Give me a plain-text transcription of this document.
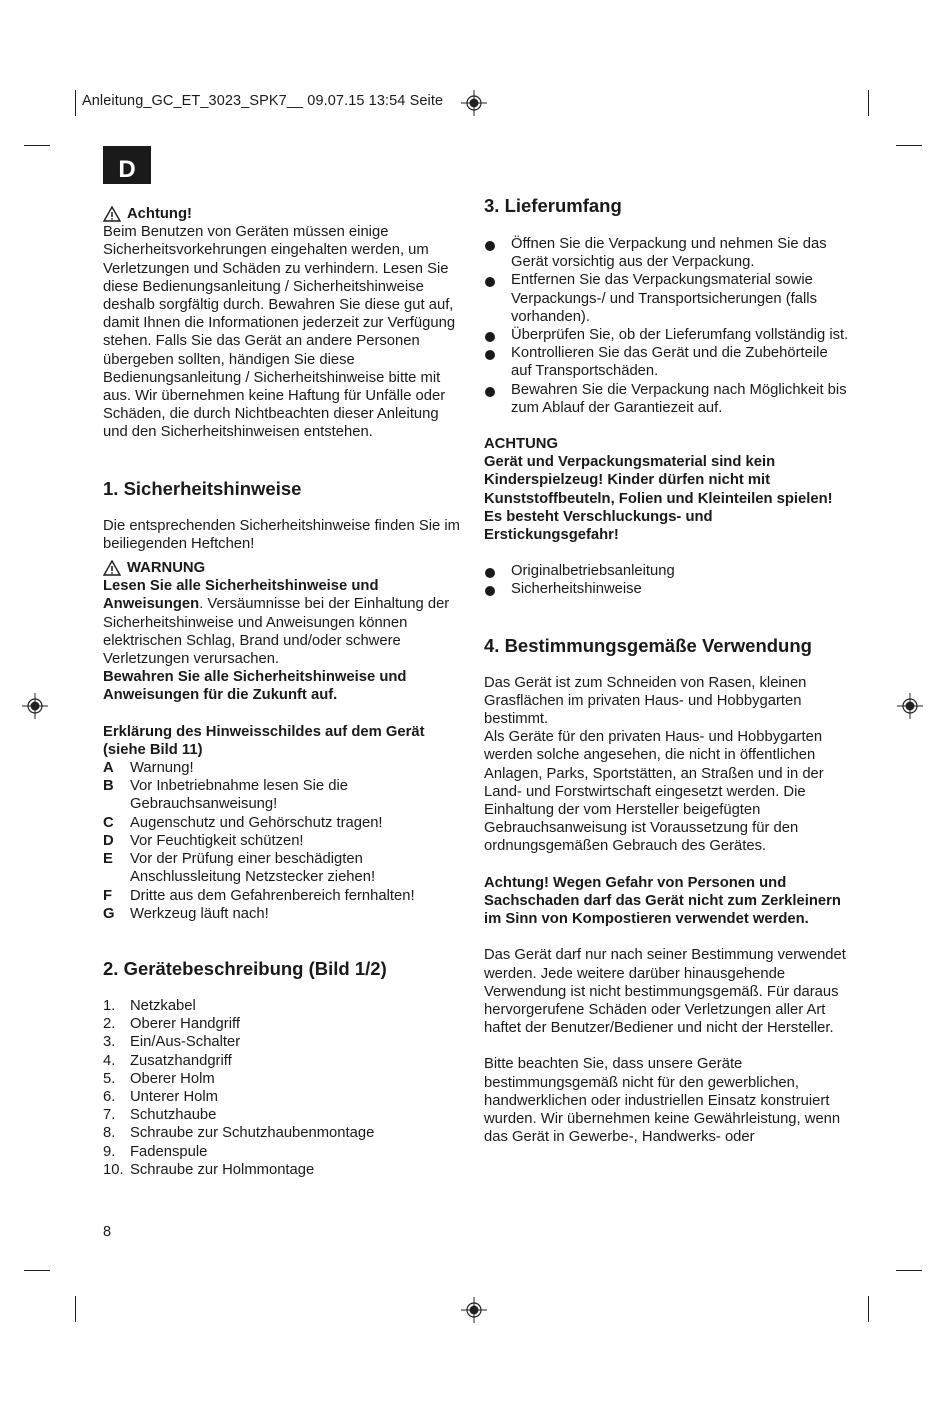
Anleitung_GC_ET_3023_SPK7__ 09.07.15 13:54 Seite
D
Achtung!

Beim Benutzen von Geräten müssen einige Sicherheitsvorkehrungen eingehalten werden, um Verletzungen und Schäden zu verhindern. Lesen Sie diese Bedienungsanleitung / Sicherheitshinweise deshalb sorgfältig durch. Bewahren Sie diese gut auf, damit Ihnen die Informationen jederzeit zur Verfügung stehen. Falls Sie das Gerät an andere Personen übergeben sollten, händigen Sie diese Bedienungsanleitung / Sicherheitshinweise bitte mit aus. Wir übernehmen keine Haftung für Unfälle oder Schäden, die durch Nichtbeachten dieser Anleitung und den Sicherheitshinweisen entstehen.

1. Sicherheitshinweise

Die entsprechenden Sicherheitshinweise finden Sie im beiliegenden Heftchen!

WARNUNG

Lesen Sie alle Sicherheitshinweise und Anweisungen. Versäumnisse bei der Einhaltung der Sicherheitshinweise und Anweisungen können elektrischen Schlag, Brand und/oder schwere Verletzungen verursachen.

Bewahren Sie alle Sicherheitshinweise und Anweisungen für die Zukunft auf.

Erklärung des Hinweisschildes auf dem Gerät (siehe Bild 11)

A	Warnung!
B	Vor Inbetriebnahme lesen Sie die Gebrauchsanweisung!
C	Augenschutz und Gehörschutz tragen!
D	Vor Feuchtigkeit schützen!
E	Vor der Prüfung einer beschädigten Anschlussleitung Netzstecker ziehen!
F	Dritte aus dem Gefahrenbereich fernhalten!
G	Werkzeug läuft nach!
2. Gerätebeschreibung (Bild 1/2)
1. Netzkabel
2. Oberer Handgriff
3. Ein/Aus-Schalter
4. Zusatzhandgriff
5. Oberer Holm
6. Unterer Holm
7. Schutzhaube
8. Schraube zur Schutzhaubenmontage
9. Fadenspule
10. Schraube zur Holmmontage
3. Lieferumfang
Öffnen Sie die Verpackung und nehmen Sie das Gerät vorsichtig aus der Verpackung.
Entfernen Sie das Verpackungsmaterial sowie Verpackungs-/ und Transportsicherungen (falls vorhanden).
Überprüfen Sie, ob der Lieferumfang vollständig ist.
Kontrollieren Sie das Gerät und die Zubehörteile auf Transportschäden.
Bewahren Sie die Verpackung nach Möglichkeit bis zum Ablauf der Garantiezeit auf.

ACHTUNG

Gerät und Verpackungsmaterial sind kein Kinderspielzeug! Kinder dürfen nicht mit Kunststoffbeuteln, Folien und Kleinteilen spielen! Es besteht Verschluckungs- und Erstickungsgefahr!

Originalbetriebsanleitung
Sicherheitshinweise
4. Bestimmungsgemäße Verwendung

Das Gerät ist zum Schneiden von Rasen, kleinen Grasflächen im privaten Haus- und Hobbygarten bestimmt.

Als Geräte für den privaten Haus- und Hobbygarten werden solche angesehen, die nicht in öffentlichen Anlagen, Parks, Sportstätten, an Straßen und in der Land- und Forstwirtschaft eingesetzt werden. Die Einhaltung der vom Hersteller beigefügten Gebrauchsanweisung ist Voraussetzung für den ordnungsgemäßen Gebrauch des Gerätes.

Achtung! Wegen Gefahr von Personen und Sachschaden darf das Gerät nicht zum Zerkleinern im Sinn von Kompostieren verwendet werden.

Das Gerät darf nur nach seiner Bestimmung verwendet werden. Jede weitere darüber hinausgehende Verwendung ist nicht bestimmungsgemäß. Für daraus hervorgerufene Schäden oder Verletzungen aller Art haftet der Benutzer/Bediener und nicht der Hersteller.

Bitte beachten Sie, dass unsere Geräte bestimmungsgemäß nicht für den gewerblichen, handwerklichen oder industriellen Einsatz konstruiert wurden. Wir übernehmen keine Gewährleistung, wenn das Gerät in Gewerbe-, Handwerks- oder

8
